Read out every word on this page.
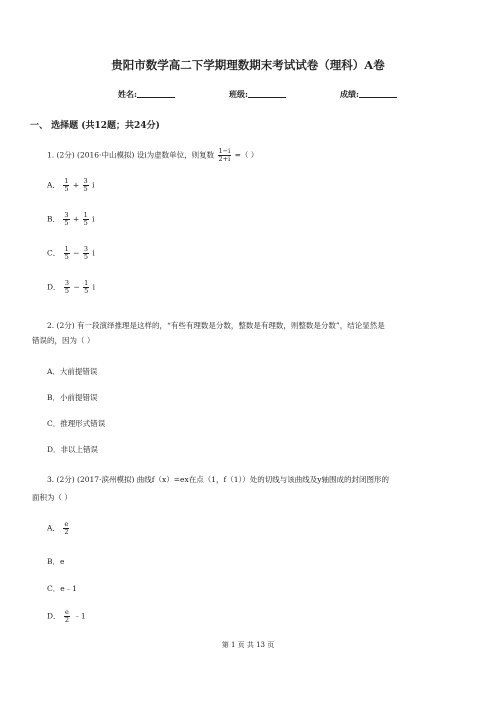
贵阳市数学高二下学期理数期末考试试卷（理科）A卷
姓名:	班级:	成绩:
一、 选择题 (共12题；共24分)
1. (2分) (2016·中山模拟) 设i为虚数单位，则复数 $\frac{1-i}{2+i}$ =（ ）
A． $\frac{1}{5} + \frac{3}{5}$ i
B． $\frac{3}{5} + \frac{1}{5}$ i
C． $\frac{1}{5} - \frac{3}{5}$ i
D． $\frac{3}{5} - \frac{1}{5}$ i
2. (2分) 有一段演绎推理是这样的，“有些有理数是分数，整数是有理数，则整数是分数”，结论显然是
错误的，因为（ ）
A．大前提错误
B．小前提错误
C．推理形式错误
D．非以上错误
3. (2分) (2017·滨州模拟) 曲线f（x）=ex在点（1，f（1））处的切线与该曲线及y轴围成的封闭图形的
面积为（ ）
A． $\frac{e}{2}$
B．e
C．e﹣1
D． $\frac{e}{2}$ ﹣1
第 1 页 共 13 页
